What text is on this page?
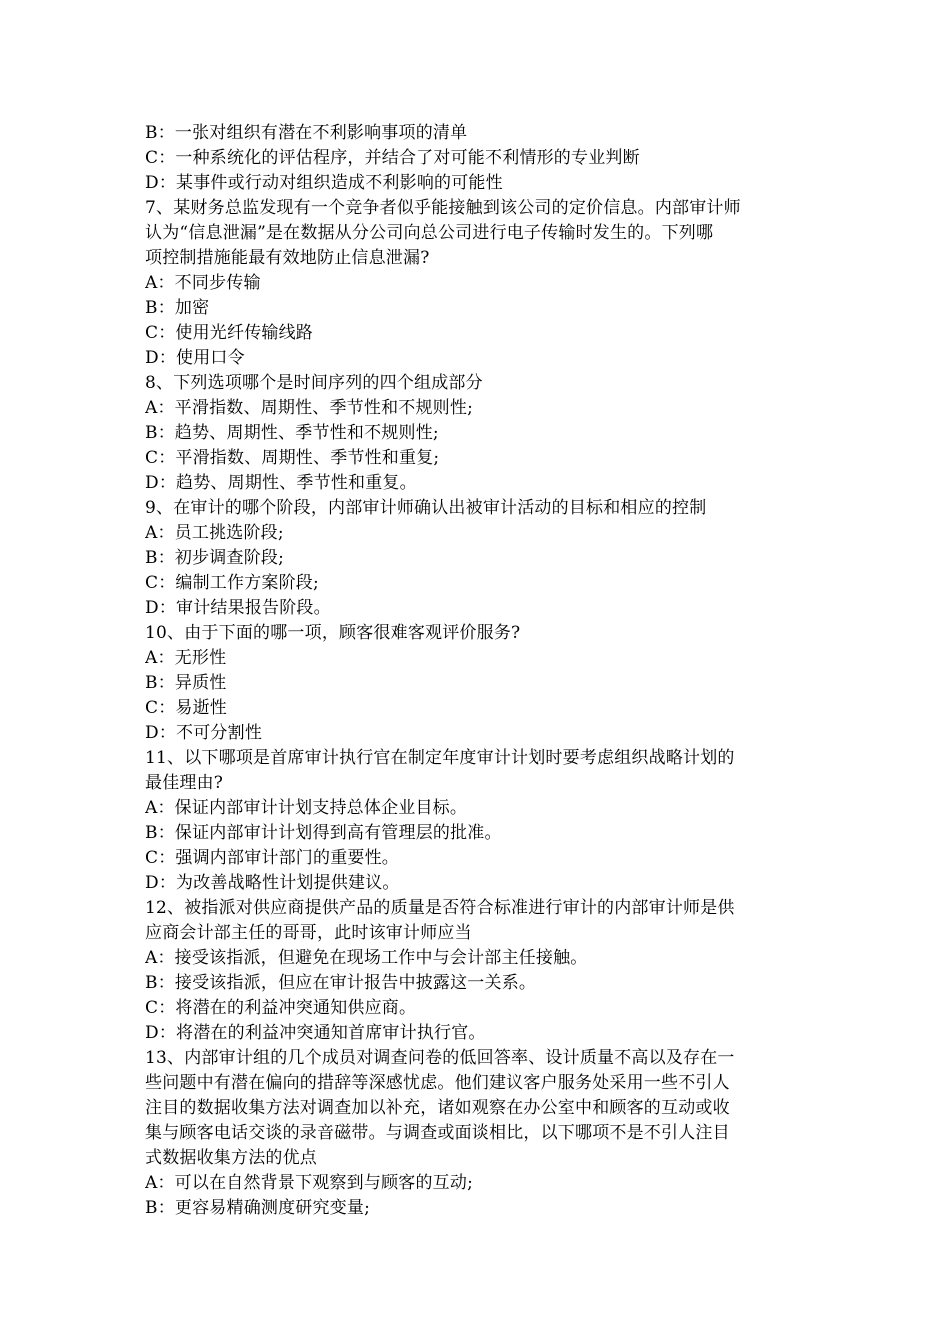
B：一张对组织有潜在不利影响事项的清单
C：一种系统化的评估程序，并结合了对可能不利情形的专业判断
D：某事件或行动对组织造成不利影响的可能性
7、某财务总监发现有一个竞争者似乎能接触到该公司的定价信息。内部审计师
认为“信息泄漏”是在数据从分公司向总公司进行电子传输时发生的。下列哪
项控制措施能最有效地防止信息泄漏?
A：不同步传输
B：加密
C：使用光纤传输线路
D：使用口令
8、下列选项哪个是时间序列的四个组成部分
A：平滑指数、周期性、季节性和不规则性;
B：趋势、周期性、季节性和不规则性;
C：平滑指数、周期性、季节性和重复;
D：趋势、周期性、季节性和重复。
9、在审计的哪个阶段，内部审计师确认出被审计活动的目标和相应的控制
A：员工挑选阶段;
B：初步调查阶段;
C：编制工作方案阶段;
D：审计结果报告阶段。
10、由于下面的哪一项，顾客很难客观评价服务?
A：无形性
B：异质性
C：易逝性
D：不可分割性
11、以下哪项是首席审计执行官在制定年度审计计划时要考虑组织战略计划的
最佳理由?
A：保证内部审计计划支持总体企业目标。
B：保证内部审计计划得到高有管理层的批准。
C：强调内部审计部门的重要性。
D：为改善战略性计划提供建议。
12、被指派对供应商提供产品的质量是否符合标准进行审计的内部审计师是供
应商会计部主任的哥哥，此时该审计师应当
A：接受该指派，但避免在现场工作中与会计部主任接触。
B：接受该指派，但应在审计报告中披露这一关系。
C：将潜在的利益冲突通知供应商。
D：将潜在的利益冲突通知首席审计执行官。
13、内部审计组的几个成员对调查问卷的低回答率、设计质量不高以及存在一
些问题中有潜在偏向的措辞等深感忧虑。他们建议客户服务处采用一些不引人
注目的数据收集方法对调查加以补充，诸如观察在办公室中和顾客的互动或收
集与顾客电话交谈的录音磁带。与调查或面谈相比，以下哪项不是不引人注目
式数据收集方法的优点
A：可以在自然背景下观察到与顾客的互动;
B：更容易精确测度研究变量;
